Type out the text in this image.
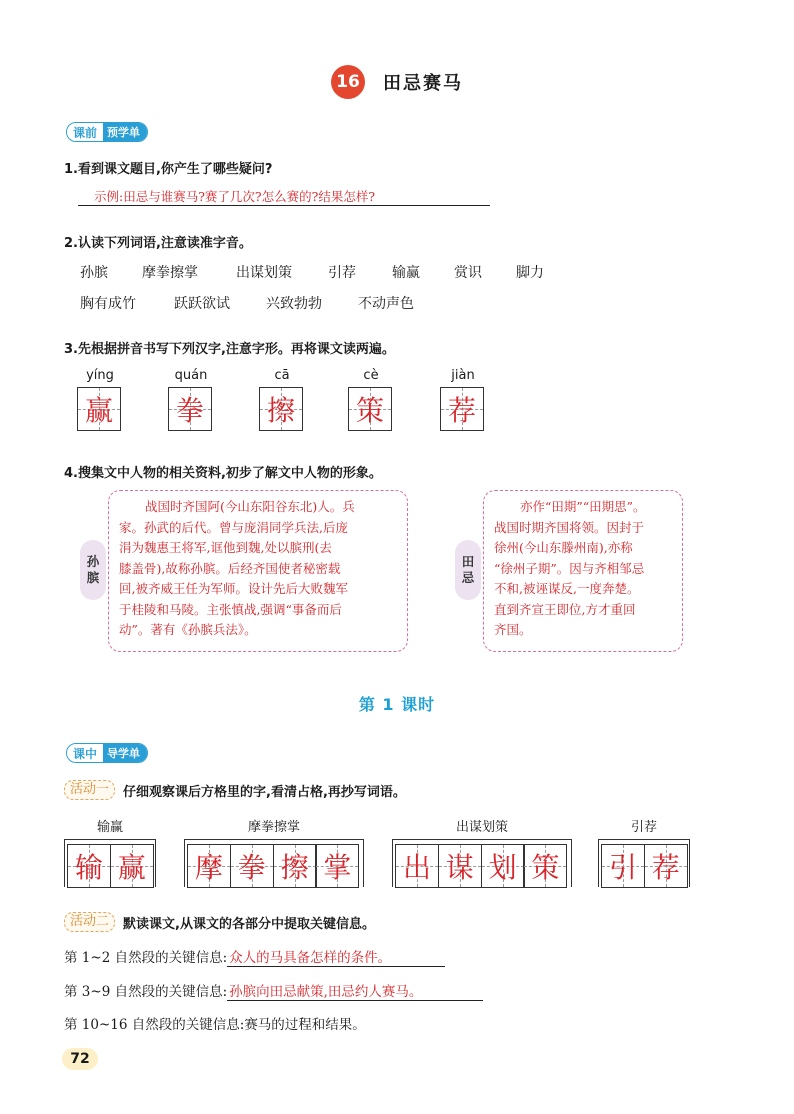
16 田忌赛马
课前 预学单
1.看到课文题目,你产生了哪些疑问?
示例:田忌与谁赛马?赛了几次?怎么赛的?结果怎样?
2.认读下列词语,注意读准字音。
孙膑	摩拳擦掌	出谋划策	引荐	输赢	赏识	脚力
胸有成竹	跃跃欲试	兴致勃勃	不动声色
3.先根据拼音书写下列汉字,注意字形。再将课文读两遍。
yíng
赢
quán
拳
cā
擦
cè
策
jiàn
荐
4.搜集文中人物的相关资料,初步了解文中人物的形象。
孙
膑
战国时齐国阿(今山东阳谷东北)人。兵
家。孙武的后代。曾与庞涓同学兵法,后庞
涓为魏惠王将军,诓他到魏,处以膑刑(去
膝盖骨),故称孙膑。后经齐国使者秘密载
回,被齐威王任为军师。设计先后大败魏军
于桂陵和马陵。主张慎战,强调“事备而后
动”。著有《孙膑兵法》。
田
忌
亦作“田期”“田期思”。
战国时期齐国将领。因封于
徐州(今山东滕州南),亦称
“徐州子期”。因与齐相邹忌
不和,被诬谋反,一度奔楚。
直到齐宣王即位,方才重回
齐国。
第 1 课时
课中 导学单
活动一	仔细观察课后方格里的字,看清占格,再抄写词语。
输赢
输 赢
摩拳擦掌
摩 拳 擦 掌
出谋划策
出 谋 划 策
引荐
引 荐
活动二	默读课文,从课文的各部分中提取关键信息。
第 1~2 自然段的关键信息: 众人的马具备怎样的条件。
第 3~9 自然段的关键信息: 孙膑向田忌献策,田忌约人赛马。
第 10~16 自然段的关键信息:赛马的过程和结果。
72
